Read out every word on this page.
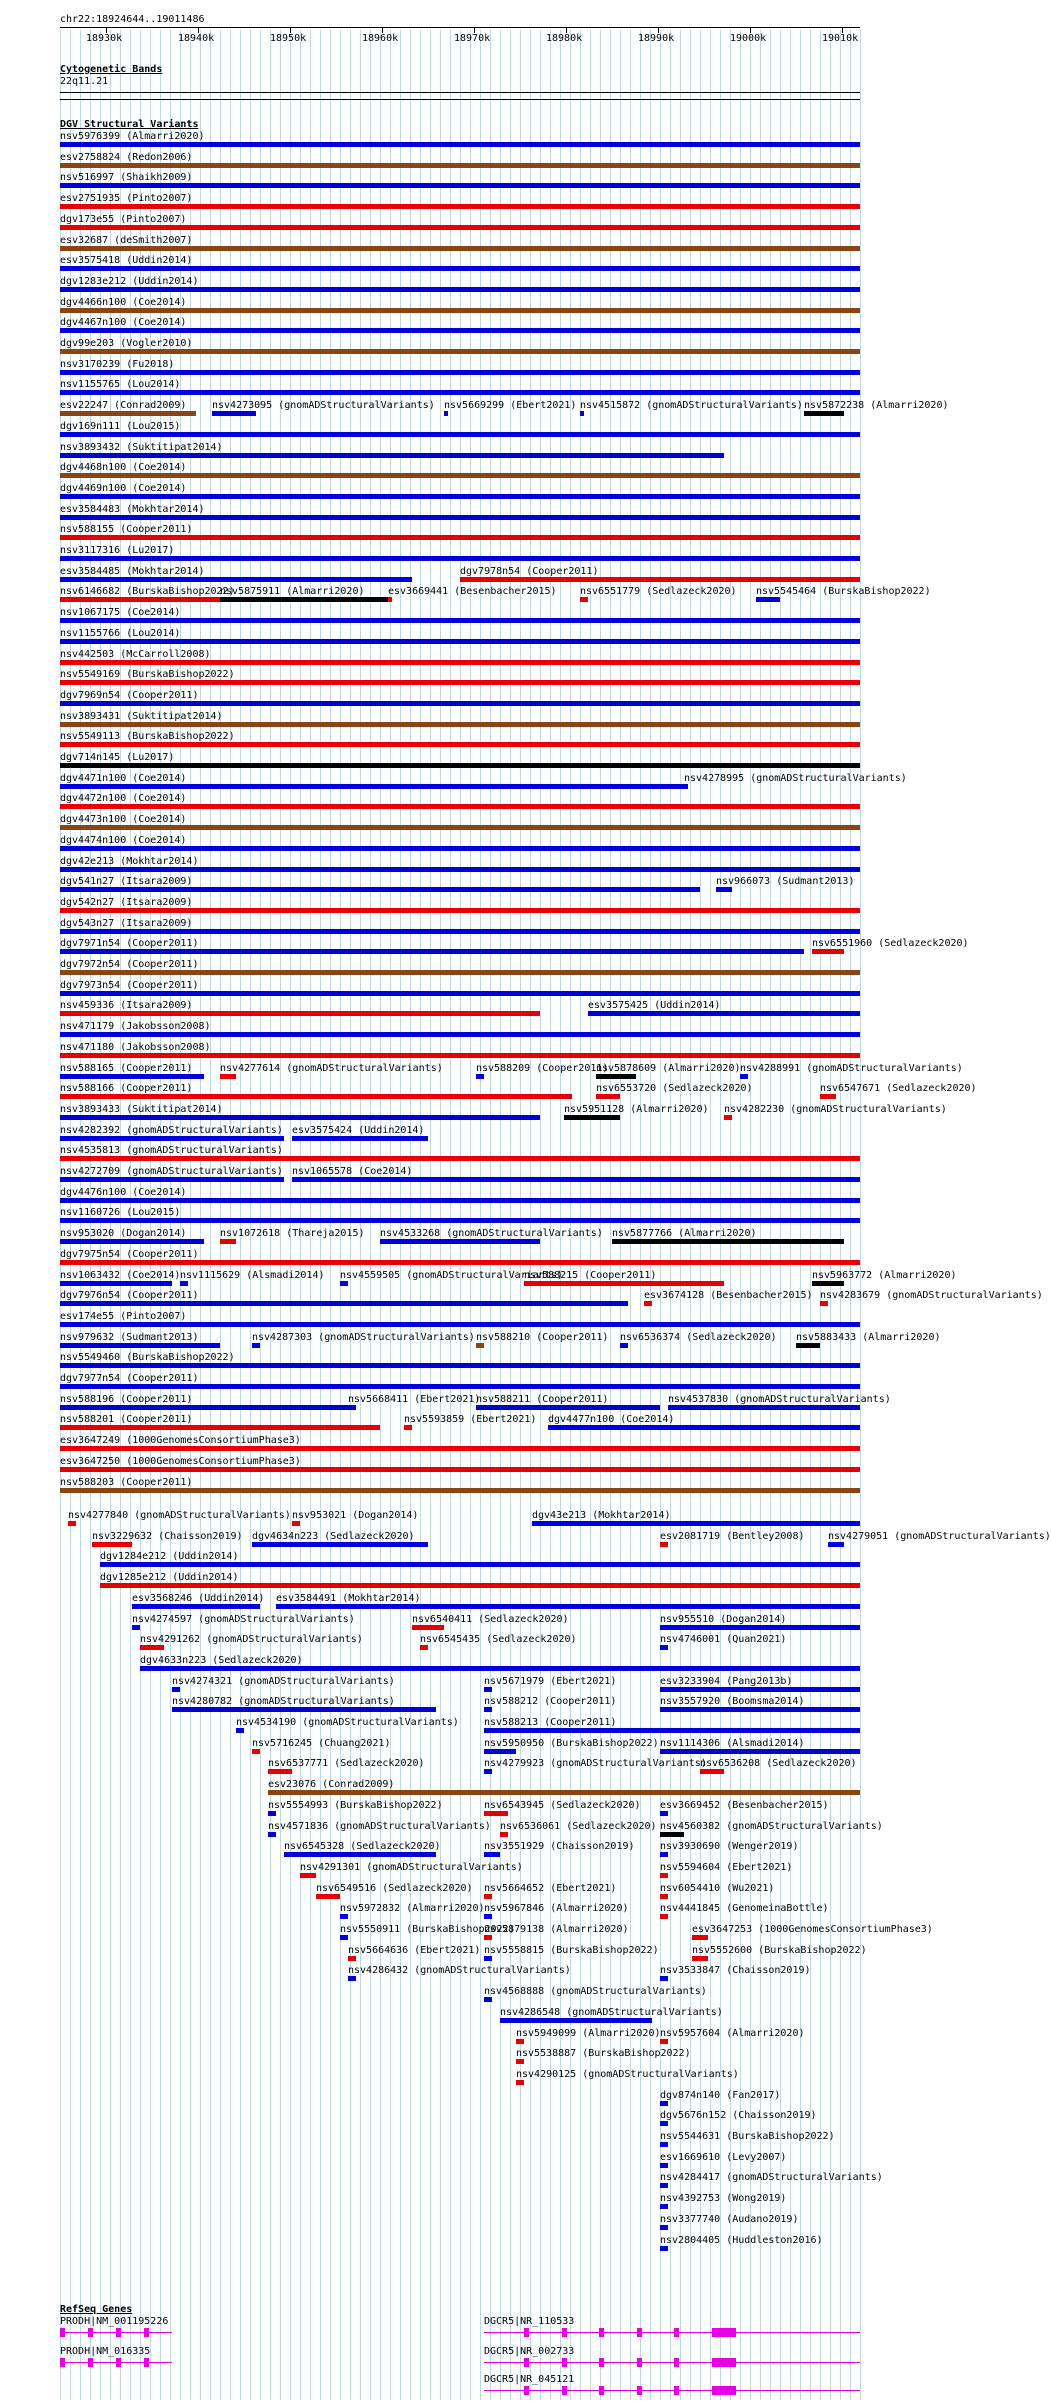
chr22:18924644..19011486
18930k	18940k	18950k	18960k	18970k	18980k	18990k	19000k	19010k
Cytogenetic Bands
22q11.21
DGV Structural Variants
nsv5976399 (Almarri2020)
esv2758824 (Redon2006)
nsv516997 (Shaikh2009)
esv2751935 (Pinto2007)
dgv173e55 (Pinto2007)
esv32687 (deSmith2007)
esv3575418 (Uddin2014)
dgv1283e212 (Uddin2014)
dgv4466n100 (Coe2014)
dgv4467n100 (Coe2014)
dgv99e203 (Vogler2010)
nsv3170239 (Fu2018)
nsv1155765 (Lou2014)
esv22247 (Conrad2009)	nsv4273095 (gnomADStructuralVariants) nsv5669299 (Ebert2021) nsv4515872 (gnomADStructuralVariants) nsv5872238 (Almarri2020)
dgv169n111 (Lou2015)
nsv3893432 (Suktitipat2014)
dgv4468n100 (Coe2014)
dgv4469n100 (Coe2014)
esv3584483 (Mokhtar2014)
nsv588155 (Cooper2011)
nsv3117316 (Lu2017)
esv3584485 (Mokhtar2014)	dgv7978n54 (Cooper2011)
nsv6146682 (BurskaBishop2022)
nsv5875911 (Almarri2020) esv3669441 (Besenbacher2015) nsv6551779 (Sedlazeck2020) nsv5545464 (BurskaBishop2022)
nsv1067175 (Coe2014)
nsv1155766 (Lou2014)
nsv442503 (McCarroll2008)
nsv5549169 (BurskaBishop2022)
dgv7969n54 (Cooper2011)
nsv3893431 (Suktitipat2014)
nsv5549113 (BurskaBishop2022)
dgv714n145 (Lu2017)
dgv4471n100 (Coe2014)	nsv4278995 (gnomADStructuralVariants)
dgv4472n100 (Coe2014)
dgv4473n100 (Coe2014)
dgv4474n100 (Coe2014)
dgv42e213 (Mokhtar2014)
dgv541n27 (Itsara2009)	nsv966073 (Sudmant2013)
dgv542n27 (Itsara2009)
dgv543n27 (Itsara2009)
dgv7971n54 (Cooper2011)	nsv6551960 (Sedlazeck2020)
dgv7972n54 (Cooper2011)
dgv7973n54 (Cooper2011)
nsv459336 (Itsara2009)	esv3575425 (Uddin2014)
nsv471179 (Jakobsson2008)
nsv471180 (Jakobsson2008)
nsv588165 (Cooper2011)	nsv4277614 (gnomADStructuralVariants)	nsv588209 (Cooper2011)
nsv5878609 (Almarri2020) nsv4288991 (gnomADStructuralVariants)
nsv588166 (Cooper2011)	nsv6553720 (Sedlazeck2020)	nsv6547671 (Sedlazeck2020)
nsv3893433 (Suktitipat2014)	nsv5951128 (Almarri2020) nsv4282230 (gnomADStructuralVariants)
nsv4282392 (gnomADStructuralVariants) esv3575424 (Uddin2014)
nsv4535813 (gnomADStructuralVariants)
nsv4272709 (gnomADStructuralVariants) nsv1065578 (Coe2014)
dgv4476n100 (Coe2014)
nsv1160726 (Lou2015)
nsv953020 (Dogan2014)	nsv1072618 (Thareja2015) nsv4533268 (gnomADStructuralVariants) nsv5877766 (Almarri2020)
dgv7975n54 (Cooper2011)
nsv1063432 (Coe2014) nsv1115629 (Alsmadi2014) nsv4559505 (gnomADStructuralVariants)
nsv588215 (Cooper2011)	nsv5963772 (Almarri2020)
dgv7976n54 (Cooper2011)	esv3674128 (Besenbacher2015) nsv4283679 (gnomADStructuralVariants)
esv174e55 (Pinto2007)
nsv979632 (Sudmant2013)	nsv4287303 (gnomADStructuralVariants) nsv588210 (Cooper2011) nsv6536374 (Sedlazeck2020) nsv5883433 (Almarri2020)
nsv5549460 (BurskaBishop2022)
dgv7977n54 (Cooper2011)
nsv588196 (Cooper2011)	nsv5668411 (Ebert2021)
nsv588211 (Cooper2011)	nsv4537830 (gnomADStructuralVariants)
nsv588201 (Cooper2011)	nsv5593859 (Ebert2021) dgv4477n100 (Coe2014)
esv3647249 (1000GenomesConsortiumPhase3)
esv3647250 (1000GenomesConsortiumPhase3)
nsv588203 (Cooper2011)
nsv4277840 (gnomADStructuralVariants) nsv953021 (Dogan2014)	dgv43e213 (Mokhtar2014)
nsv3229632 (Chaisson2019) dgv4634n223 (Sedlazeck2020)	esv2081719 (Bentley2008) nsv4279051 (gnomADStructuralVariants)
dgv1284e212 (Uddin2014)
dgv1285e212 (Uddin2014)
esv3568246 (Uddin2014) esv3584491 (Mokhtar2014)
nsv4274597 (gnomADStructuralVariants)	nsv6540411 (Sedlazeck2020)	nsv955510 (Dogan2014)
nsv4291262 (gnomADStructuralVariants)	nsv6545435 (Sedlazeck2020)	nsv4746001 (Quan2021)
dgv4633n223 (Sedlazeck2020)
nsv4274321 (gnomADStructuralVariants)	nsv5671979 (Ebert2021)	esv3233904 (Pang2013b)
nsv4280782 (gnomADStructuralVariants)	nsv588212 (Cooper2011)	nsv3557920 (Boomsma2014)
nsv4534190 (gnomADStructuralVariants)	nsv588213 (Cooper2011)
nsv5716245 (Chuang2021)	nsv5950950 (BurskaBishop2022) nsv1114306 (Alsmadi2014)
nsv6537771 (Sedlazeck2020)	nsv4279923 (gnomADStructuralVariants)
nsv6536208 (Sedlazeck2020)
esv23076 (Conrad2009)
nsv5554993 (BurskaBishop2022)	nsv6543945 (Sedlazeck2020) esv3669452 (Besenbacher2015)
nsv4571836 (gnomADStructuralVariants) nsv6536061 (Sedlazeck2020) nsv4560382 (gnomADStructuralVariants)
nsv6545328 (Sedlazeck2020)	nsv3551929 (Chaisson2019)	nsv3930690 (Wenger2019)
nsv4291301 (gnomADStructuralVariants)	nsv5594604 (Ebert2021)
nsv6549516 (Sedlazeck2020) nsv5664652 (Ebert2021)	nsv6054410 (Wu2021)
nsv5972832 (Almarri2020) nsv5967846 (Almarri2020)	nsv4441845 (GenomeinaBottle)
nsv5550911 (BurskaBishop2022)
nsv5879138 (Almarri2020)	esv3647253 (1000GenomesConsortiumPhase3)
nsv5664636 (Ebert2021) nsv5558815 (BurskaBishop2022)	nsv5552600 (BurskaBishop2022)
nsv4286432 (gnomADStructuralVariants)	nsv3533847 (Chaisson2019)
nsv4568888 (gnomADStructuralVariants)
nsv4286548 (gnomADStructuralVariants)
nsv5949099 (Almarri2020) nsv5957604 (Almarri2020)
nsv5538887 (BurskaBishop2022)
nsv4290125 (gnomADStructuralVariants)
dgv874n140 (Fan2017)
dgv5676n152 (Chaisson2019)
nsv5544631 (BurskaBishop2022)
esv1669610 (Levy2007)
nsv4284417 (gnomADStructuralVariants)
nsv4392753 (Wong2019)
nsv3377740 (Audano2019)
nsv2804405 (Huddleston2016)
RefSeq Genes
PRODH|NM_001195226	DGCR5|NR_110533
PRODH|NM_016335	DGCR5|NR_002733
DGCR5|NR_045121
